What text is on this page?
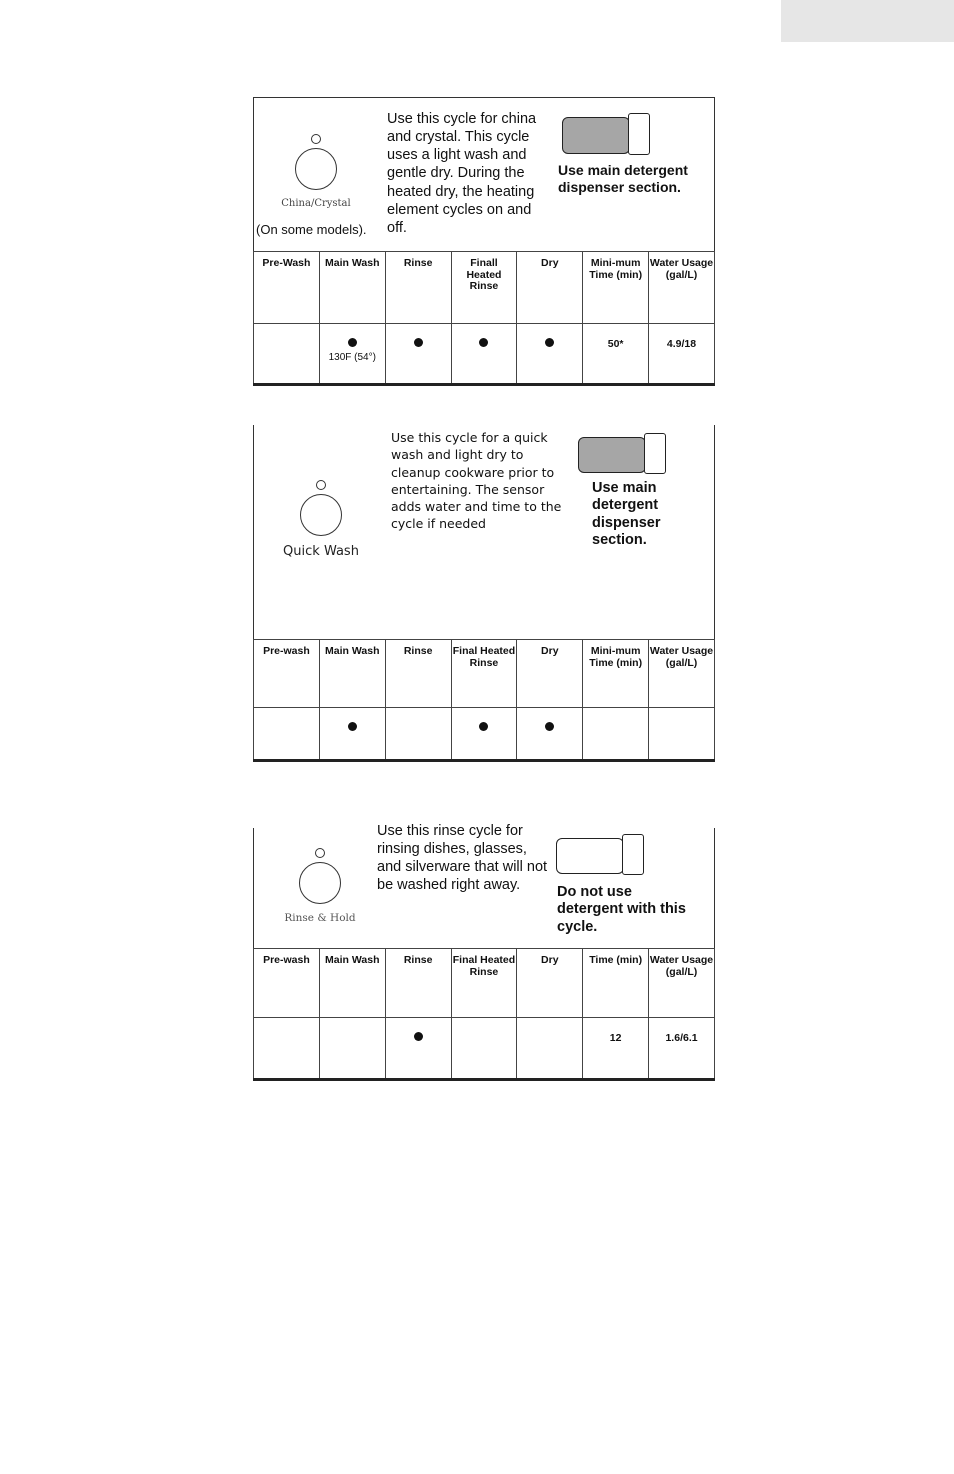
China/Crystal
Use this cycle for china and crystal. This cycle uses a light wash and gentle dry. During the heated dry, the heating element cycles on and off.
Use main detergent dispenser section.
(On some models).
Pre-Wash	Main Wash	Rinse	Finall Heated Rinse	Dry	Mini-mum Time (min)	Water Usage (gal/L)

	130F (54°)				50*	4.9/18
Quick Wash
Use this cycle for a quick wash and light dry to cleanup cookware prior to entertaining. The sensor adds water and time to the cycle if needed
Use main detergent dispenser section.
Pre-wash	Main Wash	Rinse	Final Heated Rinse	Dry	Mini-mum Time (min)	Water Usage (gal/L)

Rinse & Hold
Use this rinse cycle for rinsing dishes, glasses, and silverware that will not be washed right away.	Do not use detergent with this cycle.
Pre-wash	Main Wash	Rinse	Final Heated Rinse	Dry	Time (min)	Water Usage (gal/L)
					12	1.6/6.1
